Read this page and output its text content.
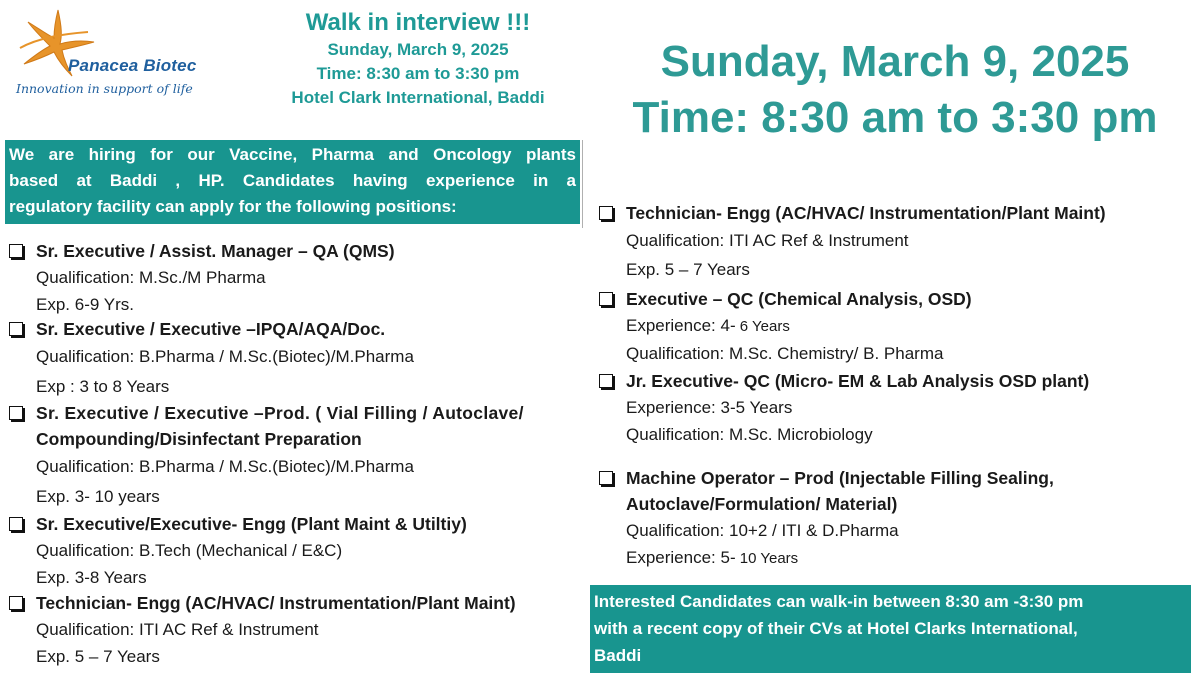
Panacea Biotec
Innovation in support of life
Walk in interview !!!
Sunday, March 9, 2025
Time: 8:30 am to 3:30 pm
Hotel Clark International, Baddi
Sunday, March 9, 2025
Time: 8:30 am to 3:30 pm
We are hiring for our Vaccine, Pharma and Oncology plants
based at Baddi , HP. Candidates having experience in a
regulatory facility can apply for the following positions:
Sr. Executive / Assist. Manager – QA (QMS)
Qualification: M.Sc./M Pharma
Exp. 6-9 Yrs.
Sr. Executive / Executive –IPQA/AQA/Doc.
Qualification: B.Pharma / M.Sc.(Biotec)/M.Pharma
Exp : 3 to 8 Years
Sr. Executive / Executive –Prod. ( Vial Filling / Autoclave/
Compounding/Disinfectant Preparation
Qualification: B.Pharma / M.Sc.(Biotec)/M.Pharma
Exp. 3- 10 years
Sr. Executive/Executive- Engg (Plant Maint & Utiltiy)
Qualification: B.Tech (Mechanical / E&C)
Exp. 3-8 Years
Technician- Engg (AC/HVAC/ Instrumentation/Plant Maint)
Qualification: ITI AC Ref & Instrument
Exp. 5 – 7 Years
Technician- Engg (AC/HVAC/ Instrumentation/Plant Maint)
Qualification: ITI AC Ref & Instrument
Exp. 5 – 7 Years
Executive – QC (Chemical Analysis, OSD)
Experience: 4- 6 Years
Qualification: M.Sc. Chemistry/ B. Pharma
Jr. Executive- QC (Micro- EM & Lab Analysis OSD plant)
Experience: 3-5 Years
Qualification: M.Sc. Microbiology
Machine Operator – Prod (Injectable Filling Sealing,
Autoclave/Formulation/ Material)
Qualification: 10+2 / ITI & D.Pharma
Experience: 5- 10 Years
Interested Candidates can walk-in between 8:30 am -3:30 pm
with a recent copy of their CVs at Hotel Clarks International,
Baddi
